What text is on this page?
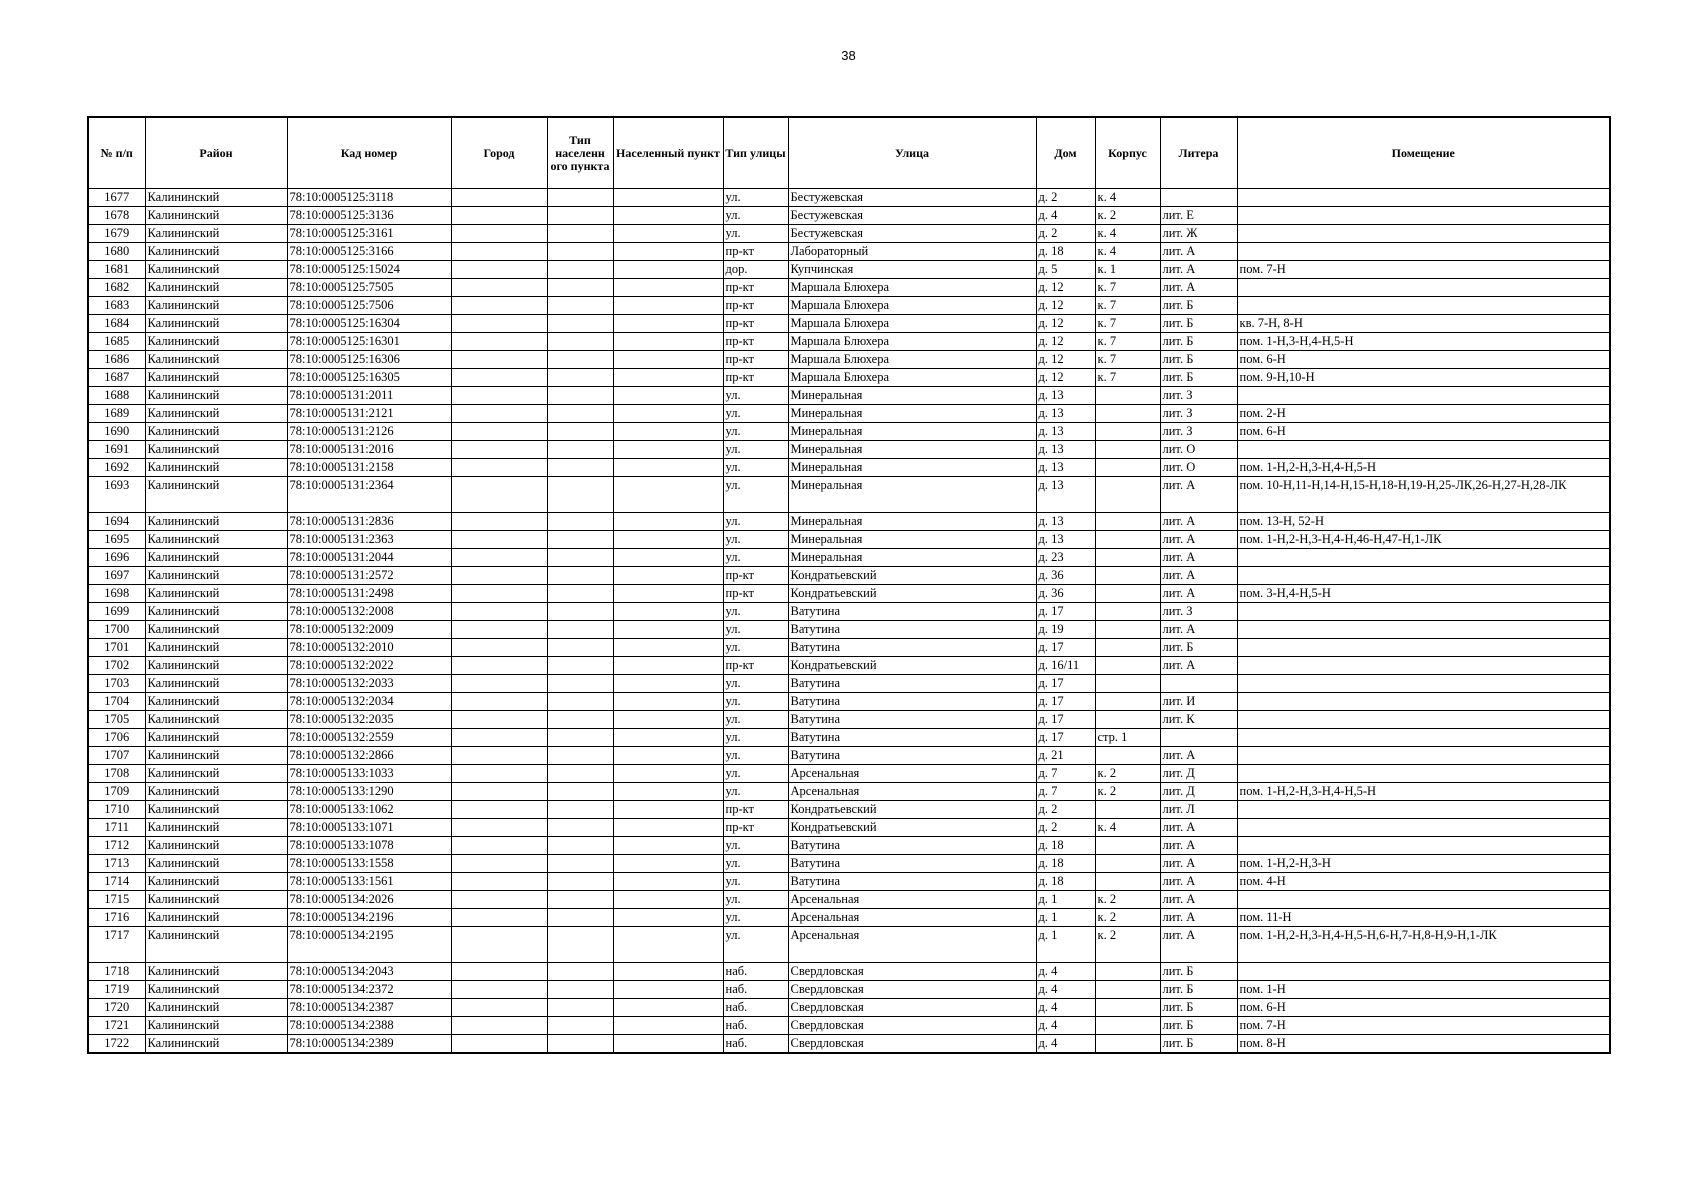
38
№ п/п	Район	Кад номер	Город	Тип населенн ого пункта	Населенный пункт	Тип улицы	Улица	Дом	Корпус	Литера	Помещение
1677	Калининский	78:10:0005125:3118				ул.	Бестужевская	д. 2	к. 4		
1678	Калининский	78:10:0005125:3136				ул.	Бестужевская	д. 4	к. 2	лит. Е	
1679	Калининский	78:10:0005125:3161				ул.	Бестужевская	д. 2	к. 4	лит. Ж	
1680	Калининский	78:10:0005125:3166				пр-кт	Лабораторный	д. 18	к. 4	лит. А	
1681	Калининский	78:10:0005125:15024				дор.	Купчинская	д. 5	к. 1	лит. А	пом. 7-Н
1682	Калининский	78:10:0005125:7505				пр-кт	Маршала Блюхера	д. 12	к. 7	лит. А	
1683	Калининский	78:10:0005125:7506				пр-кт	Маршала Блюхера	д. 12	к. 7	лит. Б	
1684	Калининский	78:10:0005125:16304				пр-кт	Маршала Блюхера	д. 12	к. 7	лит. Б	кв. 7-Н, 8-Н
1685	Калининский	78:10:0005125:16301				пр-кт	Маршала Блюхера	д. 12	к. 7	лит. Б	пом. 1-Н,3-Н,4-Н,5-Н
1686	Калининский	78:10:0005125:16306				пр-кт	Маршала Блюхера	д. 12	к. 7	лит. Б	пом. 6-Н
1687	Калининский	78:10:0005125:16305				пр-кт	Маршала Блюхера	д. 12	к. 7	лит. Б	пом. 9-Н,10-Н
1688	Калининский	78:10:0005131:2011				ул.	Минеральная	д. 13		лит. З	
1689	Калининский	78:10:0005131:2121				ул.	Минеральная	д. 13		лит. З	пом. 2-Н
1690	Калининский	78:10:0005131:2126				ул.	Минеральная	д. 13		лит. З	пом. 6-Н
1691	Калининский	78:10:0005131:2016				ул.	Минеральная	д. 13		лит. О	
1692	Калининский	78:10:0005131:2158				ул.	Минеральная	д. 13		лит. О	пом. 1-Н,2-Н,3-Н,4-Н,5-Н
1693	Калининский	78:10:0005131:2364				ул.	Минеральная	д. 13		лит. А	пом. 10-Н,11-Н,14-Н,15-Н,18-Н,19-Н,25-ЛК,26-Н,27-Н,28-ЛК
1694	Калининский	78:10:0005131:2836				ул.	Минеральная	д. 13		лит. А	пом. 13-Н, 52-Н
1695	Калининский	78:10:0005131:2363				ул.	Минеральная	д. 13		лит. А	пом. 1-Н,2-Н,3-Н,4-Н,46-Н,47-Н,1-ЛК
1696	Калининский	78:10:0005131:2044				ул.	Минеральная	д. 23		лит. А	
1697	Калининский	78:10:0005131:2572				пр-кт	Кондратьевский	д. 36		лит. А	
1698	Калининский	78:10:0005131:2498				пр-кт	Кондратьевский	д. 36		лит. А	пом. 3-Н,4-Н,5-Н
1699	Калининский	78:10:0005132:2008				ул.	Ватутина	д. 17		лит. З	
1700	Калининский	78:10:0005132:2009				ул.	Ватутина	д. 19		лит. А	
1701	Калининский	78:10:0005132:2010				ул.	Ватутина	д. 17		лит. Б	
1702	Калининский	78:10:0005132:2022				пр-кт	Кондратьевский	д. 16/11		лит. А	
1703	Калининский	78:10:0005132:2033				ул.	Ватутина	д. 17			
1704	Калининский	78:10:0005132:2034				ул.	Ватутина	д. 17		лит. И	
1705	Калининский	78:10:0005132:2035				ул.	Ватутина	д. 17		лит. К	
1706	Калининский	78:10:0005132:2559				ул.	Ватутина	д. 17	стр. 1		
1707	Калининский	78:10:0005132:2866				ул.	Ватутина	д. 21		лит. А	
1708	Калининский	78:10:0005133:1033				ул.	Арсенальная	д. 7	к. 2	лит. Д	
1709	Калининский	78:10:0005133:1290				ул.	Арсенальная	д. 7	к. 2	лит. Д	пом. 1-Н,2-Н,3-Н,4-Н,5-Н
1710	Калининский	78:10:0005133:1062				пр-кт	Кондратьевский	д. 2		лит. Л	
1711	Калининский	78:10:0005133:1071				пр-кт	Кондратьевский	д. 2	к. 4	лит. А	
1712	Калининский	78:10:0005133:1078				ул.	Ватутина	д. 18		лит. А	
1713	Калининский	78:10:0005133:1558				ул.	Ватутина	д. 18		лит. А	пом. 1-Н,2-Н,3-Н
1714	Калининский	78:10:0005133:1561				ул.	Ватутина	д. 18		лит. А	пом. 4-Н
1715	Калининский	78:10:0005134:2026				ул.	Арсенальная	д. 1	к. 2	лит. А	
1716	Калининский	78:10:0005134:2196				ул.	Арсенальная	д. 1	к. 2	лит. А	пом. 11-Н
1717	Калининский	78:10:0005134:2195				ул.	Арсенальная	д. 1	к. 2	лит. А	пом. 1-Н,2-Н,3-Н,4-Н,5-Н,6-Н,7-Н,8-Н,9-Н,1-ЛК
1718	Калининский	78:10:0005134:2043				наб.	Свердловская	д. 4		лит. Б	
1719	Калининский	78:10:0005134:2372				наб.	Свердловская	д. 4		лит. Б	пом. 1-Н
1720	Калининский	78:10:0005134:2387				наб.	Свердловская	д. 4		лит. Б	пом. 6-Н
1721	Калининский	78:10:0005134:2388				наб.	Свердловская	д. 4		лит. Б	пом. 7-Н
1722	Калининский	78:10:0005134:2389				наб.	Свердловская	д. 4		лит. Б	пом. 8-Н
